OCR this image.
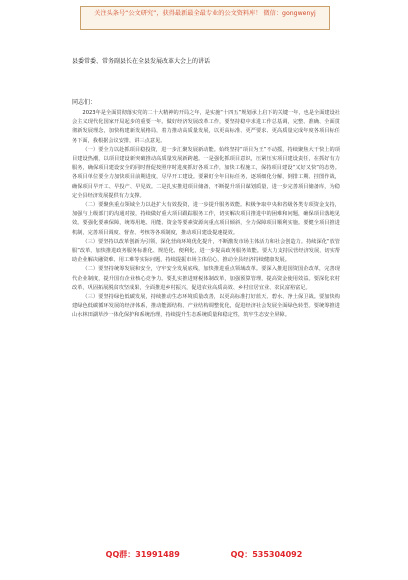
关注头条号“公文研究”，获得最新最全最专业的公文资料库！ 微信：gongwenyj
县委常委、常务副县长在全县发展改革大会上的讲话
同志们：

2023年是全面贯彻落实党的二十大精神的开局之年，是实施“十四五”规划承上启下的关键一年，也是全面建设社会主义现代化国家开局起步的重要一年。做好经济发展改革工作，要坚持稳中求进工作总基调，完整、准确、全面贯彻新发展理念，加快构建新发展格局，着力推动高质量发展，以更高标准、更严要求、更高质量完成年度各项目标任务下面，我根据会议安排，讲三点意见。

（一）要全力以赴抓项目稳投资，进一步汇聚发展新动能。始终坚持“项目为王”不动摇，持续聚焦大干快上的项目建设热潮，以项目建设新突破推动高质量发展新跨越。一是强化抓项目意识，压紧压实项目建设责任，在抓好有力服务，确保项目建设安全的同时督促按照序时进度抓好各项工作，加快工程施工，保持项目建设“又好又快”的态势。各项目单位要全力加快项目前期进度，尽早开工建设。要紧盯全年目标任务，逐项细化分解，倒排工期、挂图作战，确保项目早开工、早投产、早见效。二是扎实推进项目储备，不断提升项目谋划质量，进一步完善项目储备库，为稳定全县经济发展提供有力支撑。

（二）要聚焦重点领域全力以赴扩大有效投资，进一步提升服务效能。积极争取中央和省级各类专项资金支持，加强与上级部门的沟通对接，持续做好重大项目跟踪服务工作，切实解决项目推进中的困难和问题，确保项目落地见效。要强化要素保障，统筹用地、用能、资金等要素资源向重点项目倾斜，全力保障项目顺利实施。要健全项目推进机制，完善项目调度、督查、考核等各项制度，推动项目建设提速提效。

（三）要坚持以改革创新为引领，深化营商环境优化提升，不断激发市场主体活力和社会创造力。持续深化“放管服”改革，加快推进政务服务标准化、规范化、便利化，进一步提高政务服务效能。要大力支持民营经济发展，切实帮助企业解决融资难、用工难等实际问题，持续提振市场主体信心，推动全县经济持续健康发展。

（二）要坚持统筹发展和安全，守牢安全发展底线，加快推进重点领域改革。要深入推进国资国企改革，完善现代企业制度，提升国有企业核心竞争力。要扎实推进财税体制改革，加强预算管理，提高资金使用效益。要深化农村改革，巩固拓展脱贫攻坚成果，全面推进乡村振兴，促进农业高质高效、乡村宜居宜业、农民富裕富足。

（三）要坚持绿色低碳发展，持续推动生态环境质量改善，以更高标准打好蓝天、碧水、净土保卫战。要加快构建绿色低碳循环发展的经济体系，推动能源结构、产业结构调整优化，促进经济社会发展全面绿色转型。要统筹推进山水林田湖草沙一体化保护和系统治理，持续提升生态系统质量和稳定性，筑牢生态安全屏障。

QQ群：31991489	QQ：535304092
